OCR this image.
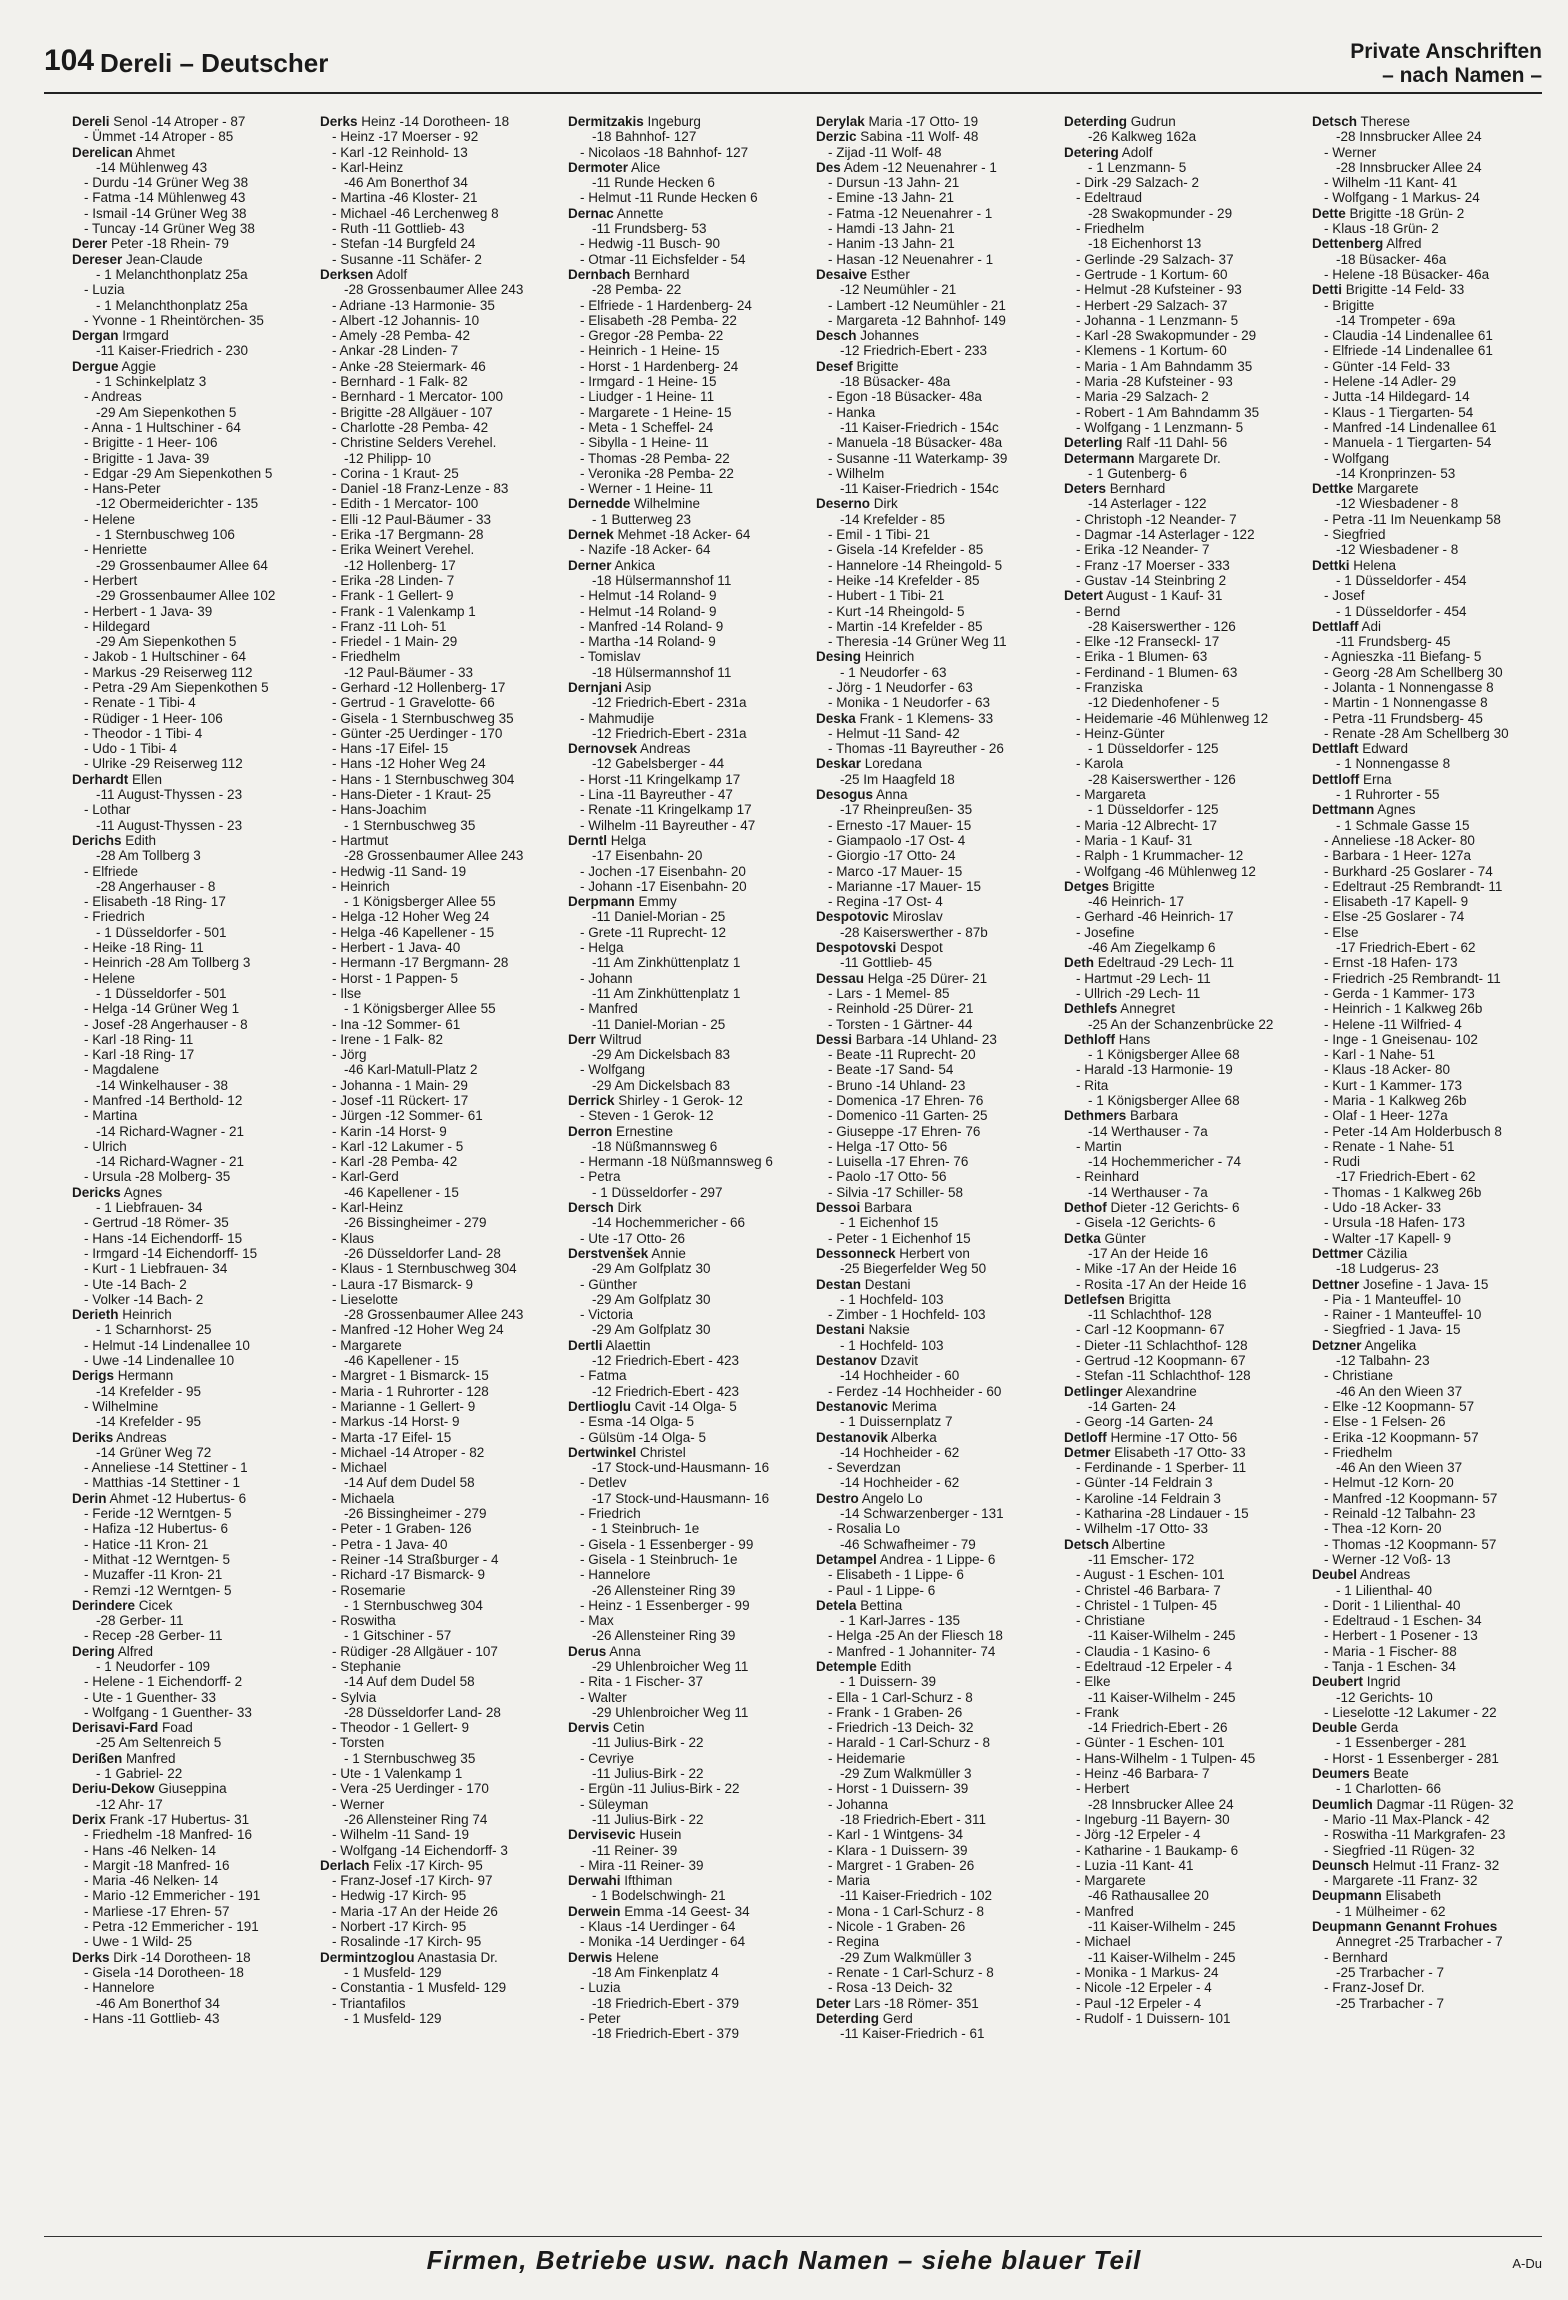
104 Dereli – Deutscher	Private Anschriften
– nach Namen –
Dereli Senol -14 Atroper - 87
- Ümmet -14 Atroper - 85
Derelican Ahmet
-14 Mühlenweg 43
- Durdu -14 Grüner Weg 38
- Fatma -14 Mühlenweg 43
- Ismail -14 Grüner Weg 38
- Tuncay -14 Grüner Weg 38
Derer Peter -18 Rhein- 79
Dereser Jean-Claude
- 1 Melanchthonplatz 25a
- Luzia
- 1 Melanchthonplatz 25a
- Yvonne - 1 Rheintörchen- 35
Dergan Irmgard
-11 Kaiser-Friedrich - 230
Dergue Aggie
- 1 Schinkelplatz 3
- Andreas
-29 Am Siepenkothen 5
- Anna - 1 Hultschiner - 64
- Brigitte - 1 Heer- 106
- Brigitte - 1 Java- 39
- Edgar -29 Am Siepenkothen 5
- Hans-Peter
-12 Obermeiderichter - 135
- Helene
- 1 Sternbuschweg 106
- Henriette
-29 Grossenbaumer Allee 64
- Herbert
-29 Grossenbaumer Allee 102
- Herbert - 1 Java- 39
- Hildegard
-29 Am Siepenkothen 5
- Jakob - 1 Hultschiner - 64
- Markus -29 Reiserweg 112
- Petra -29 Am Siepenkothen 5
- Renate - 1 Tibi- 4
- Rüdiger - 1 Heer- 106
- Theodor - 1 Tibi- 4
- Udo - 1 Tibi- 4
- Ulrike -29 Reiserweg 112
Derhardt Ellen
-11 August-Thyssen - 23
- Lothar
-11 August-Thyssen - 23
Derichs Edith
-28 Am Tollberg 3
- Elfriede
-28 Angerhauser - 8
- Elisabeth -18 Ring- 17
- Friedrich
- 1 Düsseldorfer - 501
- Heike -18 Ring- 11
- Heinrich -28 Am Tollberg 3
- Helene
- 1 Düsseldorfer - 501
- Helga -14 Grüner Weg 1
- Josef -28 Angerhauser - 8
- Karl -18 Ring- 11
- Karl -18 Ring- 17
- Magdalene
-14 Winkelhauser - 38
- Manfred -14 Berthold- 12
- Martina
-14 Richard-Wagner - 21
- Ulrich
-14 Richard-Wagner - 21
- Ursula -28 Molberg- 35
Dericks Agnes
- 1 Liebfrauen- 34
- Gertrud -18 Römer- 35
- Hans -14 Eichendorff- 15
- Irmgard -14 Eichendorff- 15
- Kurt - 1 Liebfrauen- 34
- Ute -14 Bach- 2
- Volker -14 Bach- 2
Derieth Heinrich
- 1 Scharnhorst- 25
- Helmut -14 Lindenallee 10
- Uwe -14 Lindenallee 10
Derigs Hermann
-14 Krefelder - 95
- Wilhelmine
-14 Krefelder - 95
Deriks Andreas
-14 Grüner Weg 72
- Anneliese -14 Stettiner - 1
- Matthias -14 Stettiner - 1
Derin Ahmet -12 Hubertus- 6
- Feride -12 Werntgen- 5
- Hafiza -12 Hubertus- 6
- Hatice -11 Kron- 21
- Mithat -12 Werntgen- 5
- Muzaffer -11 Kron- 21
- Remzi -12 Werntgen- 5
Derindere Cicek
-28 Gerber- 11
- Recep -28 Gerber- 11
Dering Alfred
- 1 Neudorfer - 109
- Helene - 1 Eichendorff- 2
- Ute - 1 Guenther- 33
- Wolfgang - 1 Guenther- 33
Derisavi-Fard Foad
-25 Am Seltenreich 5
Derißen Manfred
- 1 Gabriel- 22
Deriu-Dekow Giuseppina
-12 Ahr- 17
Derix Frank -17 Hubertus- 31
- Friedhelm -18 Manfred- 16
- Hans -46 Nelken- 14
- Margit -18 Manfred- 16
- Maria -46 Nelken- 14
- Mario -12 Emmericher - 191
- Marliese -17 Ehren- 57
- Petra -12 Emmericher - 191
- Uwe - 1 Wild- 25
Derks Dirk -14 Dorotheen- 18
- Gisela -14 Dorotheen- 18
- Hannelore
-46 Am Bonerthof 34
- Hans -11 Gottlieb- 43
Derks Heinz -14 Dorotheen- 18
- Heinz -17 Moerser - 92
- Karl -12 Reinhold- 13
- Karl-Heinz
-46 Am Bonerthof 34
- Martina -46 Kloster- 21
- Michael -46 Lerchenweg 8
- Ruth -11 Gottlieb- 43
- Stefan -14 Burgfeld 24
- Susanne -11 Schäfer- 2
Derksen Adolf
-28 Grossenbaumer Allee 243
- Adriane -13 Harmonie- 35
- Albert -12 Johannis- 10
- Amely -28 Pemba- 42
- Ankar -28 Linden- 7
- Anke -28 Steiermark- 46
- Bernhard - 1 Falk- 82
- Bernhard - 1 Mercator- 100
- Brigitte -28 Allgäuer - 107
- Charlotte -28 Pemba- 42
- Christine Selders Verehel.
-12 Philipp- 10
- Corina - 1 Kraut- 25
- Daniel -18 Franz-Lenze - 83
- Edith - 1 Mercator- 100
- Elli -12 Paul-Bäumer - 33
- Erika -17 Bergmann- 28
- Erika Weinert Verehel.
-12 Hollenberg- 17
- Erika -28 Linden- 7
- Frank - 1 Gellert- 9
- Frank - 1 Valenkamp 1
- Franz -11 Loh- 51
- Friedel - 1 Main- 29
- Friedhelm
-12 Paul-Bäumer - 33
- Gerhard -12 Hollenberg- 17
- Gertrud - 1 Gravelotte- 66
- Gisela - 1 Sternbuschweg 35
- Günter -25 Uerdinger - 170
- Hans -17 Eifel- 15
- Hans -12 Hoher Weg 24
- Hans - 1 Sternbuschweg 304
- Hans-Dieter - 1 Kraut- 25
- Hans-Joachim
- 1 Sternbuschweg 35
- Hartmut
-28 Grossenbaumer Allee 243
- Hedwig -11 Sand- 19
- Heinrich
- 1 Königsberger Allee 55
- Helga -12 Hoher Weg 24
- Helga -46 Kapellener - 15
- Herbert - 1 Java- 40
- Hermann -17 Bergmann- 28
- Horst - 1 Pappen- 5
- Ilse
- 1 Königsberger Allee 55
- Ina -12 Sommer- 61
- Irene - 1 Falk- 82
- Jörg
-46 Karl-Matull-Platz 2
- Johanna - 1 Main- 29
- Josef -11 Rückert- 17
- Jürgen -12 Sommer- 61
- Karin -14 Horst- 9
- Karl -12 Lakumer - 5
- Karl -28 Pemba- 42
- Karl-Gerd
-46 Kapellener - 15
- Karl-Heinz
-26 Bissingheimer - 279
- Klaus
-26 Düsseldorfer Land- 28
- Klaus - 1 Sternbuschweg 304
- Laura -17 Bismarck- 9
- Lieselotte
-28 Grossenbaumer Allee 243
- Manfred -12 Hoher Weg 24
- Margarete
-46 Kapellener - 15
- Margret - 1 Bismarck- 15
- Maria - 1 Ruhrorter - 128
- Marianne - 1 Gellert- 9
- Markus -14 Horst- 9
- Marta -17 Eifel- 15
- Michael -14 Atroper - 82
- Michael
-14 Auf dem Dudel 58
- Michaela
-26 Bissingheimer - 279
- Peter - 1 Graben- 126
- Petra - 1 Java- 40
- Reiner -14 Straßburger - 4
- Richard -17 Bismarck- 9
- Rosemarie
- 1 Sternbuschweg 304
- Roswitha
- 1 Gitschiner - 57
- Rüdiger -28 Allgäuer - 107
- Stephanie
-14 Auf dem Dudel 58
- Sylvia
-28 Düsseldorfer Land- 28
- Theodor - 1 Gellert- 9
- Torsten
- 1 Sternbuschweg 35
- Ute - 1 Valenkamp 1
- Vera -25 Uerdinger - 170
- Werner
-26 Allensteiner Ring 74
- Wilhelm -11 Sand- 19
- Wolfgang -14 Eichendorff- 3
Derlach Felix -17 Kirch- 95
- Franz-Josef -17 Kirch- 97
- Hedwig -17 Kirch- 95
- Maria -17 An der Heide 26
- Norbert -17 Kirch- 95
- Rosalinde -17 Kirch- 95
Dermintzoglou Anastasia Dr.
- 1 Musfeld- 129
- Constantia - 1 Musfeld- 129
- Triantafilos
- 1 Musfeld- 129
Dermitzakis Ingeburg
-18 Bahnhof- 127
- Nicolaos -18 Bahnhof- 127
Dermoter Alice
-11 Runde Hecken 6
- Helmut -11 Runde Hecken 6
Dernac Annette
-11 Frundsberg- 53
- Hedwig -11 Busch- 90
- Otmar -11 Eichsfelder - 54
Dernbach Bernhard
-28 Pemba- 22
- Elfriede - 1 Hardenberg- 24
- Elisabeth -28 Pemba- 22
- Gregor -28 Pemba- 22
- Heinrich - 1 Heine- 15
- Horst - 1 Hardenberg- 24
- Irmgard - 1 Heine- 15
- Liudger - 1 Heine- 11
- Margarete - 1 Heine- 15
- Meta - 1 Scheffel- 24
- Sibylla - 1 Heine- 11
- Thomas -28 Pemba- 22
- Veronika -28 Pemba- 22
- Werner - 1 Heine- 11
Dernedde Wilhelmine
- 1 Butterweg 23
Dernek Mehmet -18 Acker- 64
- Nazife -18 Acker- 64
Derner Ankica
-18 Hülsermannshof 11
- Helmut -14 Roland- 9
- Helmut -14 Roland- 9
- Manfred -14 Roland- 9
- Martha -14 Roland- 9
- Tomislav
-18 Hülsermannshof 11
Dernjani Asip
-12 Friedrich-Ebert - 231a
- Mahmudije
-12 Friedrich-Ebert - 231a
Dernovsek Andreas
-12 Gabelsberger - 44
- Horst -11 Kringelkamp 17
- Lina -11 Bayreuther - 47
- Renate -11 Kringelkamp 17
- Wilhelm -11 Bayreuther - 47
Derntl Helga
-17 Eisenbahn- 20
- Jochen -17 Eisenbahn- 20
- Johann -17 Eisenbahn- 20
Derpmann Emmy
-11 Daniel-Morian - 25
- Grete -11 Ruprecht- 12
- Helga
-11 Am Zinkhüttenplatz 1
- Johann
-11 Am Zinkhüttenplatz 1
- Manfred
-11 Daniel-Morian - 25
Derr Wiltrud
-29 Am Dickelsbach 83
- Wolfgang
-29 Am Dickelsbach 83
Derrick Shirley - 1 Gerok- 12
- Steven - 1 Gerok- 12
Derron Ernestine
-18 Nüßmannsweg 6
- Hermann -18 Nüßmannsweg 6
- Petra
- 1 Düsseldorfer - 297
Dersch Dirk
-14 Hochemmericher - 66
- Ute -17 Otto- 26
Derstvenšek Annie
-29 Am Golfplatz 30
- Günther
-29 Am Golfplatz 30
- Victoria
-29 Am Golfplatz 30
Dertli Alaettin
-12 Friedrich-Ebert - 423
- Fatma
-12 Friedrich-Ebert - 423
Dertlioglu Cavit -14 Olga- 5
- Esma -14 Olga- 5
- Gülsüm -14 Olga- 5
Dertwinkel Christel
-17 Stock-und-Hausmann- 16
- Detlev
-17 Stock-und-Hausmann- 16
- Friedrich
- 1 Steinbruch- 1e
- Gisela - 1 Essenberger - 99
- Gisela - 1 Steinbruch- 1e
- Hannelore
-26 Allensteiner Ring 39
- Heinz - 1 Essenberger - 99
- Max
-26 Allensteiner Ring 39
Derus Anna
-29 Uhlenbroicher Weg 11
- Rita - 1 Fischer- 37
- Walter
-29 Uhlenbroicher Weg 11
Dervis Cetin
-11 Julius-Birk - 22
- Cevriye
-11 Julius-Birk - 22
- Ergün -11 Julius-Birk - 22
- Süleyman
-11 Julius-Birk - 22
Dervisevic Husein
-11 Reiner- 39
- Mira -11 Reiner- 39
Derwahi Ifthiman
- 1 Bodelschwingh- 21
Derwein Emma -14 Geest- 34
- Klaus -14 Uerdinger - 64
- Monika -14 Uerdinger - 64
Derwis Helene
-18 Am Finkenplatz 4
- Luzia
-18 Friedrich-Ebert - 379
- Peter
-18 Friedrich-Ebert - 379
Derylak Maria -17 Otto- 19
Derzic Sabina -11 Wolf- 48
- Zijad -11 Wolf- 48
Des Adem -12 Neuenahrer - 1
- Dursun -13 Jahn- 21
- Emine -13 Jahn- 21
- Fatma -12 Neuenahrer - 1
- Hamdi -13 Jahn- 21
- Hanim -13 Jahn- 21
- Hasan -12 Neuenahrer - 1
Desaive Esther
-12 Neumühler - 21
- Lambert -12 Neumühler - 21
- Margareta -12 Bahnhof- 149
Desch Johannes
-12 Friedrich-Ebert - 233
Desef Brigitte
-18 Büsacker- 48a
- Egon -18 Büsacker- 48a
- Hanka
-11 Kaiser-Friedrich - 154c
- Manuela -18 Büsacker- 48a
- Susanne -11 Waterkamp- 39
- Wilhelm
-11 Kaiser-Friedrich - 154c
Deserno Dirk
-14 Krefelder - 85
- Emil - 1 Tibi- 21
- Gisela -14 Krefelder - 85
- Hannelore -14 Rheingold- 5
- Heike -14 Krefelder - 85
- Hubert - 1 Tibi- 21
- Kurt -14 Rheingold- 5
- Martin -14 Krefelder - 85
- Theresia -14 Grüner Weg 11
Desing Heinrich
- 1 Neudorfer - 63
- Jörg - 1 Neudorfer - 63
- Monika - 1 Neudorfer - 63
Deska Frank - 1 Klemens- 33
- Helmut -11 Sand- 42
- Thomas -11 Bayreuther - 26
Deskar Loredana
-25 Im Haagfeld 18
Desogus Anna
-17 Rheinpreußen- 35
- Ernesto -17 Mauer- 15
- Giampaolo -17 Ost- 4
- Giorgio -17 Otto- 24
- Marco -17 Mauer- 15
- Marianne -17 Mauer- 15
- Regina -17 Ost- 4
Despotovic Miroslav
-28 Kaiserswerther - 87b
Despotovski Despot
-11 Gottlieb- 45
Dessau Helga -25 Dürer- 21
- Lars - 1 Memel- 85
- Reinhold -25 Dürer- 21
- Torsten - 1 Gärtner- 44
Dessi Barbara -14 Uhland- 23
- Beate -11 Ruprecht- 20
- Beate -17 Sand- 54
- Bruno -14 Uhland- 23
- Domenica -17 Ehren- 76
- Domenico -11 Garten- 25
- Giuseppe -17 Ehren- 76
- Helga -17 Otto- 56
- Luisella -17 Ehren- 76
- Paolo -17 Otto- 56
- Silvia -17 Schiller- 58
Dessoi Barbara
- 1 Eichenhof 15
- Peter - 1 Eichenhof 15
Dessonneck Herbert von
-25 Biegerfelder Weg 50
Destan Destani
- 1 Hochfeld- 103
- Zimber - 1 Hochfeld- 103
Destani Naksie
- 1 Hochfeld- 103
Destanov Dzavit
-14 Hochheider - 60
- Ferdez -14 Hochheider - 60
Destanovic Merima
- 1 Duissernplatz 7
Destanovik Alberka
-14 Hochheider - 62
- Severdzan
-14 Hochheider - 62
Destro Angelo Lo
-14 Schwarzenberger - 131
- Rosalia Lo
-46 Schwafheimer - 79
Detampel Andrea - 1 Lippe- 6
- Elisabeth - 1 Lippe- 6
- Paul - 1 Lippe- 6
Detela Bettina
- 1 Karl-Jarres - 135
- Helga -25 An der Fliesch 18
- Manfred - 1 Johanniter- 74
Detemple Edith
- 1 Duissern- 39
- Ella - 1 Carl-Schurz - 8
- Frank - 1 Graben- 26
- Friedrich -13 Deich- 32
- Harald - 1 Carl-Schurz - 8
- Heidemarie
-29 Zum Walkmüller 3
- Horst - 1 Duissern- 39
- Johanna
-18 Friedrich-Ebert - 311
- Karl - 1 Wintgens- 34
- Klara - 1 Duissern- 39
- Margret - 1 Graben- 26
- Maria
-11 Kaiser-Friedrich - 102
- Mona - 1 Carl-Schurz - 8
- Nicole - 1 Graben- 26
- Regina
-29 Zum Walkmüller 3
- Renate - 1 Carl-Schurz - 8
- Rosa -13 Deich- 32
Deter Lars -18 Römer- 351
Deterding Gerd
-11 Kaiser-Friedrich - 61
Deterding Gudrun
-26 Kalkweg 162a
Detering Adolf
- 1 Lenzmann- 5
- Dirk -29 Salzach- 2
- Edeltraud
-28 Swakopmunder - 29
- Friedhelm
-18 Eichenhorst 13
- Gerlinde -29 Salzach- 37
- Gertrude - 1 Kortum- 60
- Helmut -28 Kufsteiner - 93
- Herbert -29 Salzach- 37
- Johanna - 1 Lenzmann- 5
- Karl -28 Swakopmunder - 29
- Klemens - 1 Kortum- 60
- Maria - 1 Am Bahndamm 35
- Maria -28 Kufsteiner - 93
- Maria -29 Salzach- 2
- Robert - 1 Am Bahndamm 35
- Wolfgang - 1 Lenzmann- 5
Deterling Ralf -11 Dahl- 56
Determann Margarete Dr.
- 1 Gutenberg- 6
Deters Bernhard
-14 Asterlager - 122
- Christoph -12 Neander- 7
- Dagmar -14 Asterlager - 122
- Erika -12 Neander- 7
- Franz -17 Moerser - 333
- Gustav -14 Steinbring 2
Detert August - 1 Kauf- 31
- Bernd
-28 Kaiserswerther - 126
- Elke -12 Franseckl- 17
- Erika - 1 Blumen- 63
- Ferdinand - 1 Blumen- 63
- Franziska
-12 Diedenhofener - 5
- Heidemarie -46 Mühlenweg 12
- Heinz-Günter
- 1 Düsseldorfer - 125
- Karola
-28 Kaiserswerther - 126
- Margareta
- 1 Düsseldorfer - 125
- Maria -12 Albrecht- 17
- Maria - 1 Kauf- 31
- Ralph - 1 Krummacher- 12
- Wolfgang -46 Mühlenweg 12
Detges Brigitte
-46 Heinrich- 17
- Gerhard -46 Heinrich- 17
- Josefine
-46 Am Ziegelkamp 6
Deth Edeltraud -29 Lech- 11
- Hartmut -29 Lech- 11
- Ullrich -29 Lech- 11
Dethlefs Annegret
-25 An der Schanzenbrücke 22
Dethloff Hans
- 1 Königsberger Allee 68
- Harald -13 Harmonie- 19
- Rita
- 1 Königsberger Allee 68
Dethmers Barbara
-14 Werthauser - 7a
- Martin
-14 Hochemmericher - 74
- Reinhard
-14 Werthauser - 7a
Dethof Dieter -12 Gerichts- 6
- Gisela -12 Gerichts- 6
Detka Günter
-17 An der Heide 16
- Mike -17 An der Heide 16
- Rosita -17 An der Heide 16
Detlefsen Brigitta
-11 Schlachthof- 128
- Carl -12 Koopmann- 67
- Dieter -11 Schlachthof- 128
- Gertrud -12 Koopmann- 67
- Stefan -11 Schlachthof- 128
Detlinger Alexandrine
-14 Garten- 24
- Georg -14 Garten- 24
Detloff Hermine -17 Otto- 56
Detmer Elisabeth -17 Otto- 33
- Ferdinande - 1 Sperber- 11
- Günter -14 Feldrain 3
- Karoline -14 Feldrain 3
- Katharina -28 Lindauer - 15
- Wilhelm -17 Otto- 33
Detsch Albertine
-11 Emscher- 172
- August - 1 Eschen- 101
- Christel -46 Barbara- 7
- Christel - 1 Tulpen- 45
- Christiane
-11 Kaiser-Wilhelm - 245
- Claudia - 1 Kasino- 6
- Edeltraud -12 Erpeler - 4
- Elke
-11 Kaiser-Wilhelm - 245
- Frank
-14 Friedrich-Ebert - 26
- Günter - 1 Eschen- 101
- Hans-Wilhelm - 1 Tulpen- 45
- Heinz -46 Barbara- 7
- Herbert
-28 Innsbrucker Allee 24
- Ingeburg -11 Bayern- 30
- Jörg -12 Erpeler - 4
- Katharine - 1 Baukamp- 6
- Luzia -11 Kant- 41
- Margarete
-46 Rathausallee 20
- Manfred
-11 Kaiser-Wilhelm - 245
- Michael
-11 Kaiser-Wilhelm - 245
- Monika - 1 Markus- 24
- Nicole -12 Erpeler - 4
- Paul -12 Erpeler - 4
- Rudolf - 1 Duissern- 101
Detsch Therese
-28 Innsbrucker Allee 24
- Werner
-28 Innsbrucker Allee 24
- Wilhelm -11 Kant- 41
- Wolfgang - 1 Markus- 24
Dette Brigitte -18 Grün- 2
- Klaus -18 Grün- 2
Dettenberg Alfred
-18 Büsacker- 46a
- Helene -18 Büsacker- 46a
Detti Brigitte -14 Feld- 33
- Brigitte
-14 Trompeter - 69a
- Claudia -14 Lindenallee 61
- Elfriede -14 Lindenallee 61
- Günter -14 Feld- 33
- Helene -14 Adler- 29
- Jutta -14 Hildegard- 14
- Klaus - 1 Tiergarten- 54
- Manfred -14 Lindenallee 61
- Manuela - 1 Tiergarten- 54
- Wolfgang
-14 Kronprinzen- 53
Dettke Margarete
-12 Wiesbadener - 8
- Petra -11 Im Neuenkamp 58
- Siegfried
-12 Wiesbadener - 8
Dettki Helena
- 1 Düsseldorfer - 454
- Josef
- 1 Düsseldorfer - 454
Dettlaff Adi
-11 Frundsberg- 45
- Agnieszka -11 Biefang- 5
- Georg -28 Am Schellberg 30
- Jolanta - 1 Nonnengasse 8
- Martin - 1 Nonnengasse 8
- Petra -11 Frundsberg- 45
- Renate -28 Am Schellberg 30
Dettlaft Edward
- 1 Nonnengasse 8
Dettloff Erna
- 1 Ruhrorter - 55
Dettmann Agnes
- 1 Schmale Gasse 15
- Anneliese -18 Acker- 80
- Barbara - 1 Heer- 127a
- Burkhard -25 Goslarer - 74
- Edeltraut -25 Rembrandt- 11
- Elisabeth -17 Kapell- 9
- Else -25 Goslarer - 74
- Else
-17 Friedrich-Ebert - 62
- Ernst -18 Hafen- 173
- Friedrich -25 Rembrandt- 11
- Gerda - 1 Kammer- 173
- Heinrich - 1 Kalkweg 26b
- Helene -11 Wilfried- 4
- Inge - 1 Gneisenau- 102
- Karl - 1 Nahe- 51
- Klaus -18 Acker- 80
- Kurt - 1 Kammer- 173
- Maria - 1 Kalkweg 26b
- Olaf - 1 Heer- 127a
- Peter -14 Am Holderbusch 8
- Renate - 1 Nahe- 51
- Rudi
-17 Friedrich-Ebert - 62
- Thomas - 1 Kalkweg 26b
- Udo -18 Acker- 33
- Ursula -18 Hafen- 173
- Walter -17 Kapell- 9
Dettmer Cäzilia
-18 Ludgerus- 23
Dettner Josefine - 1 Java- 15
- Pia - 1 Manteuffel- 10
- Rainer - 1 Manteuffel- 10
- Siegfried - 1 Java- 15
Detzner Angelika
-12 Talbahn- 23
- Christiane
-46 An den Wieen 37
- Elke -12 Koopmann- 57
- Else - 1 Felsen- 26
- Erika -12 Koopmann- 57
- Friedhelm
-46 An den Wieen 37
- Helmut -12 Korn- 20
- Manfred -12 Koopmann- 57
- Reinald -12 Talbahn- 23
- Thea -12 Korn- 20
- Thomas -12 Koopmann- 57
- Werner -12 Voß- 13
Deubel Andreas
- 1 Lilienthal- 40
- Dorit - 1 Lilienthal- 40
- Edeltraud - 1 Eschen- 34
- Herbert - 1 Posener - 13
- Maria - 1 Fischer- 88
- Tanja - 1 Eschen- 34
Deubert Ingrid
-12 Gerichts- 10
- Lieselotte -12 Lakumer - 22
Deuble Gerda
- 1 Essenberger - 281
- Horst - 1 Essenberger - 281
Deumers Beate
- 1 Charlotten- 66
Deumlich Dagmar -11 Rügen- 32
- Mario -11 Max-Planck - 42
- Roswitha -11 Markgrafen- 23
- Siegfried -11 Rügen- 32
Deunsch Helmut -11 Franz- 32
- Margarete -11 Franz- 32
Deupmann Elisabeth
- 1 Mülheimer - 62
Deupmann Genannt Frohues
Annegret -25 Trarbacher - 7
- Bernhard
-25 Trarbacher - 7
- Franz-Josef Dr.
-25 Trarbacher - 7
Firmen, Betriebe usw. nach Namen – siehe blauer Teil	A-Du
